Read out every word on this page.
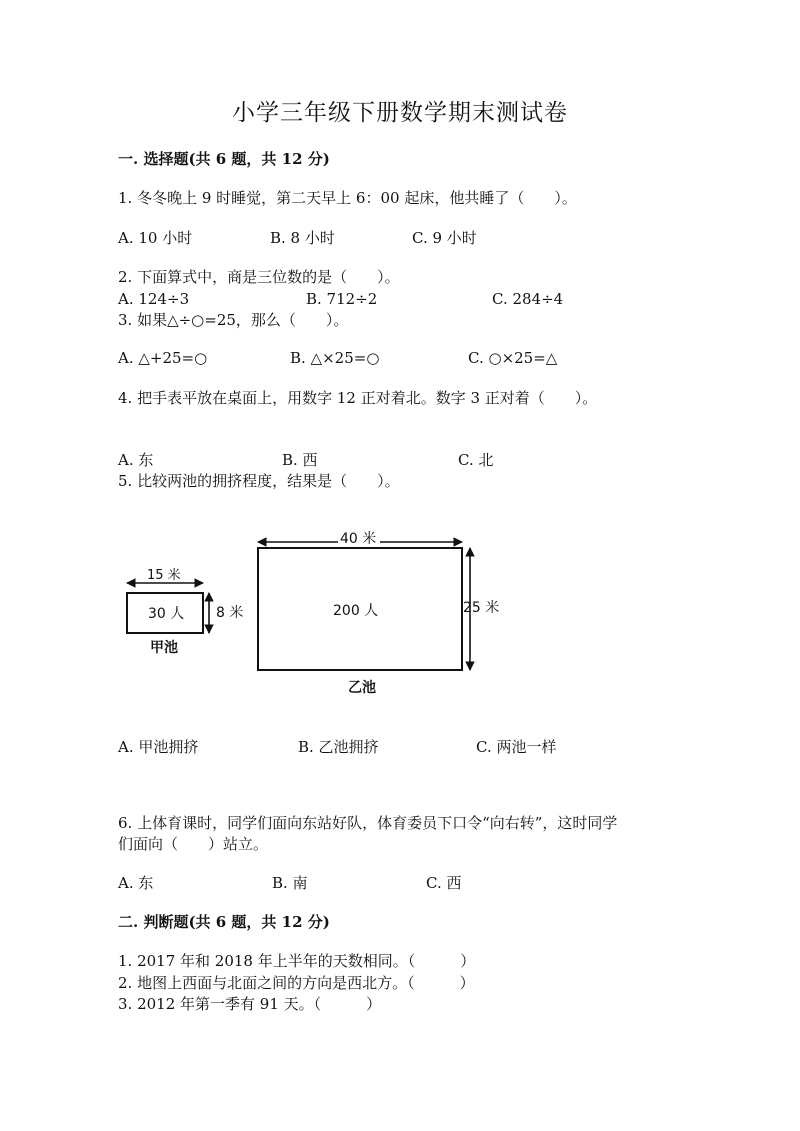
小学三年级下册数学期末测试卷
一. 选择题(共 6 题，共 12 分)
1. 冬冬晚上 9 时睡觉，第二天早上 6：00 起床，他共睡了（　　）。
A. 10 小时	B. 8 小时	C. 9 小时
2. 下面算式中，商是三位数的是（　　）。
A. 124÷3	B. 712÷2	C. 284÷4
3. 如果△÷○=25，那么（　　）。
A. △+25=○	B. △×25=○	C. ○×25=△
4. 把手表平放在桌面上，用数字 12 正对着北。数字 3 正对着（　　）。
A. 东	B. 西	C. 北
5. 比较两池的拥挤程度，结果是（　　）。
15 米
30 人 8 米
甲池
40 米
200 人	25 米
乙池
A. 甲池拥挤	B. 乙池拥挤	C. 两池一样
6. 上体育课时，同学们面向东站好队，体育委员下口令“向右转”，这时同学
们面向（　　）站立。
A. 东	B. 南	C. 西
二. 判断题(共 6 题，共 12 分)
1. 2017 年和 2018 年上半年的天数相同。（　　　）
2. 地图上西面与北面之间的方向是西北方。（　　　）
3. 2012 年第一季有 91 天。（　　　）
